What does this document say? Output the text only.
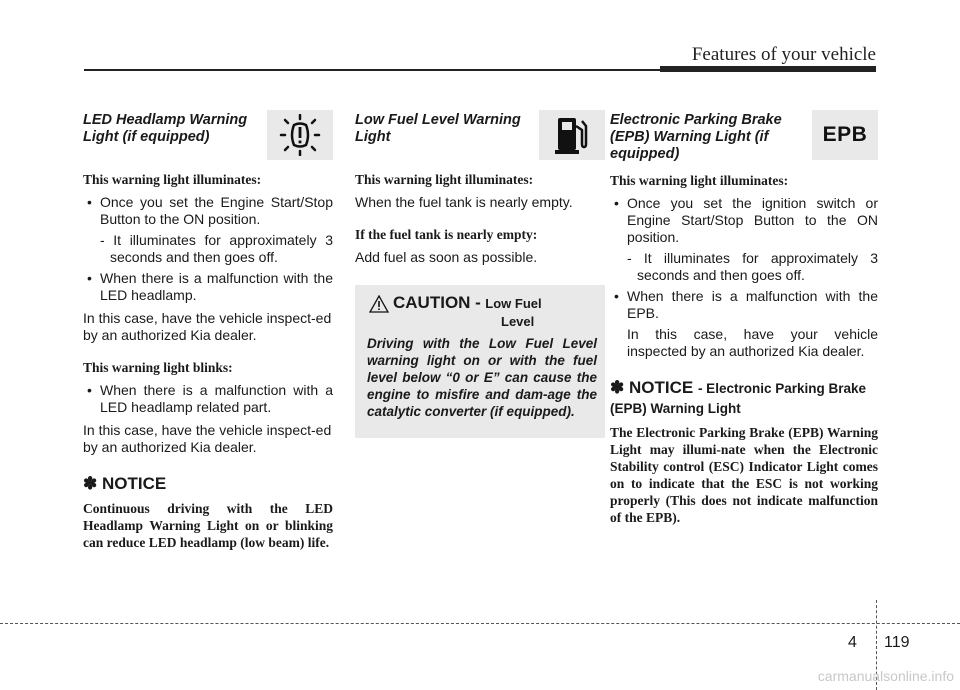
Features of your vehicle

LED Headlamp Warning Light (if equipped)

This warning light illuminates:
• Once you set the Engine Start/Stop Button to the ON position.
- It illuminates for approximately 3 seconds and then goes off.
• When there is a malfunction with the LED headlamp.

In this case, have the vehicle inspect-ed by an authorized Kia dealer.

This warning light blinks:
• When there is a malfunction with a LED headlamp related part.

In this case, have the vehicle inspect-ed by an authorized Kia dealer.

✽ NOTICE

Continuous driving with the LED Headlamp Warning Light on or blinking can reduce LED headlamp (low beam) life.

Low Fuel Level Warning Light

This warning light illuminates:

When the fuel tank is nearly empty.

If the fuel tank is nearly empty:

Add fuel as soon as possible.

CAUTION - Low Fuel
Level

Driving with the Low Fuel Level warning light on or with the fuel level below “0 or E” can cause the engine to misfire and dam-age the catalytic converter (if equipped).

Electronic Parking Brake (EPB) Warning Light (if equipped)

EPB
This warning light illuminates:
• Once you set the ignition switch or Engine Start/Stop Button to the ON position.
- It illuminates for approximately 3 seconds and then goes off.
• When there is a malfunction with the EPB.
In this case, have your vehicle inspected by an authorized Kia dealer.
✽ NOTICE - Electronic Parking Brake (EPB) Warning Light

The Electronic Parking Brake (EPB) Warning Light may illumi-nate when the Electronic Stability control (ESC) Indicator Light comes on to indicate that the ESC is not working properly (This does not indicate malfunction of the EPB).

4 119
carmanualsonline.info
